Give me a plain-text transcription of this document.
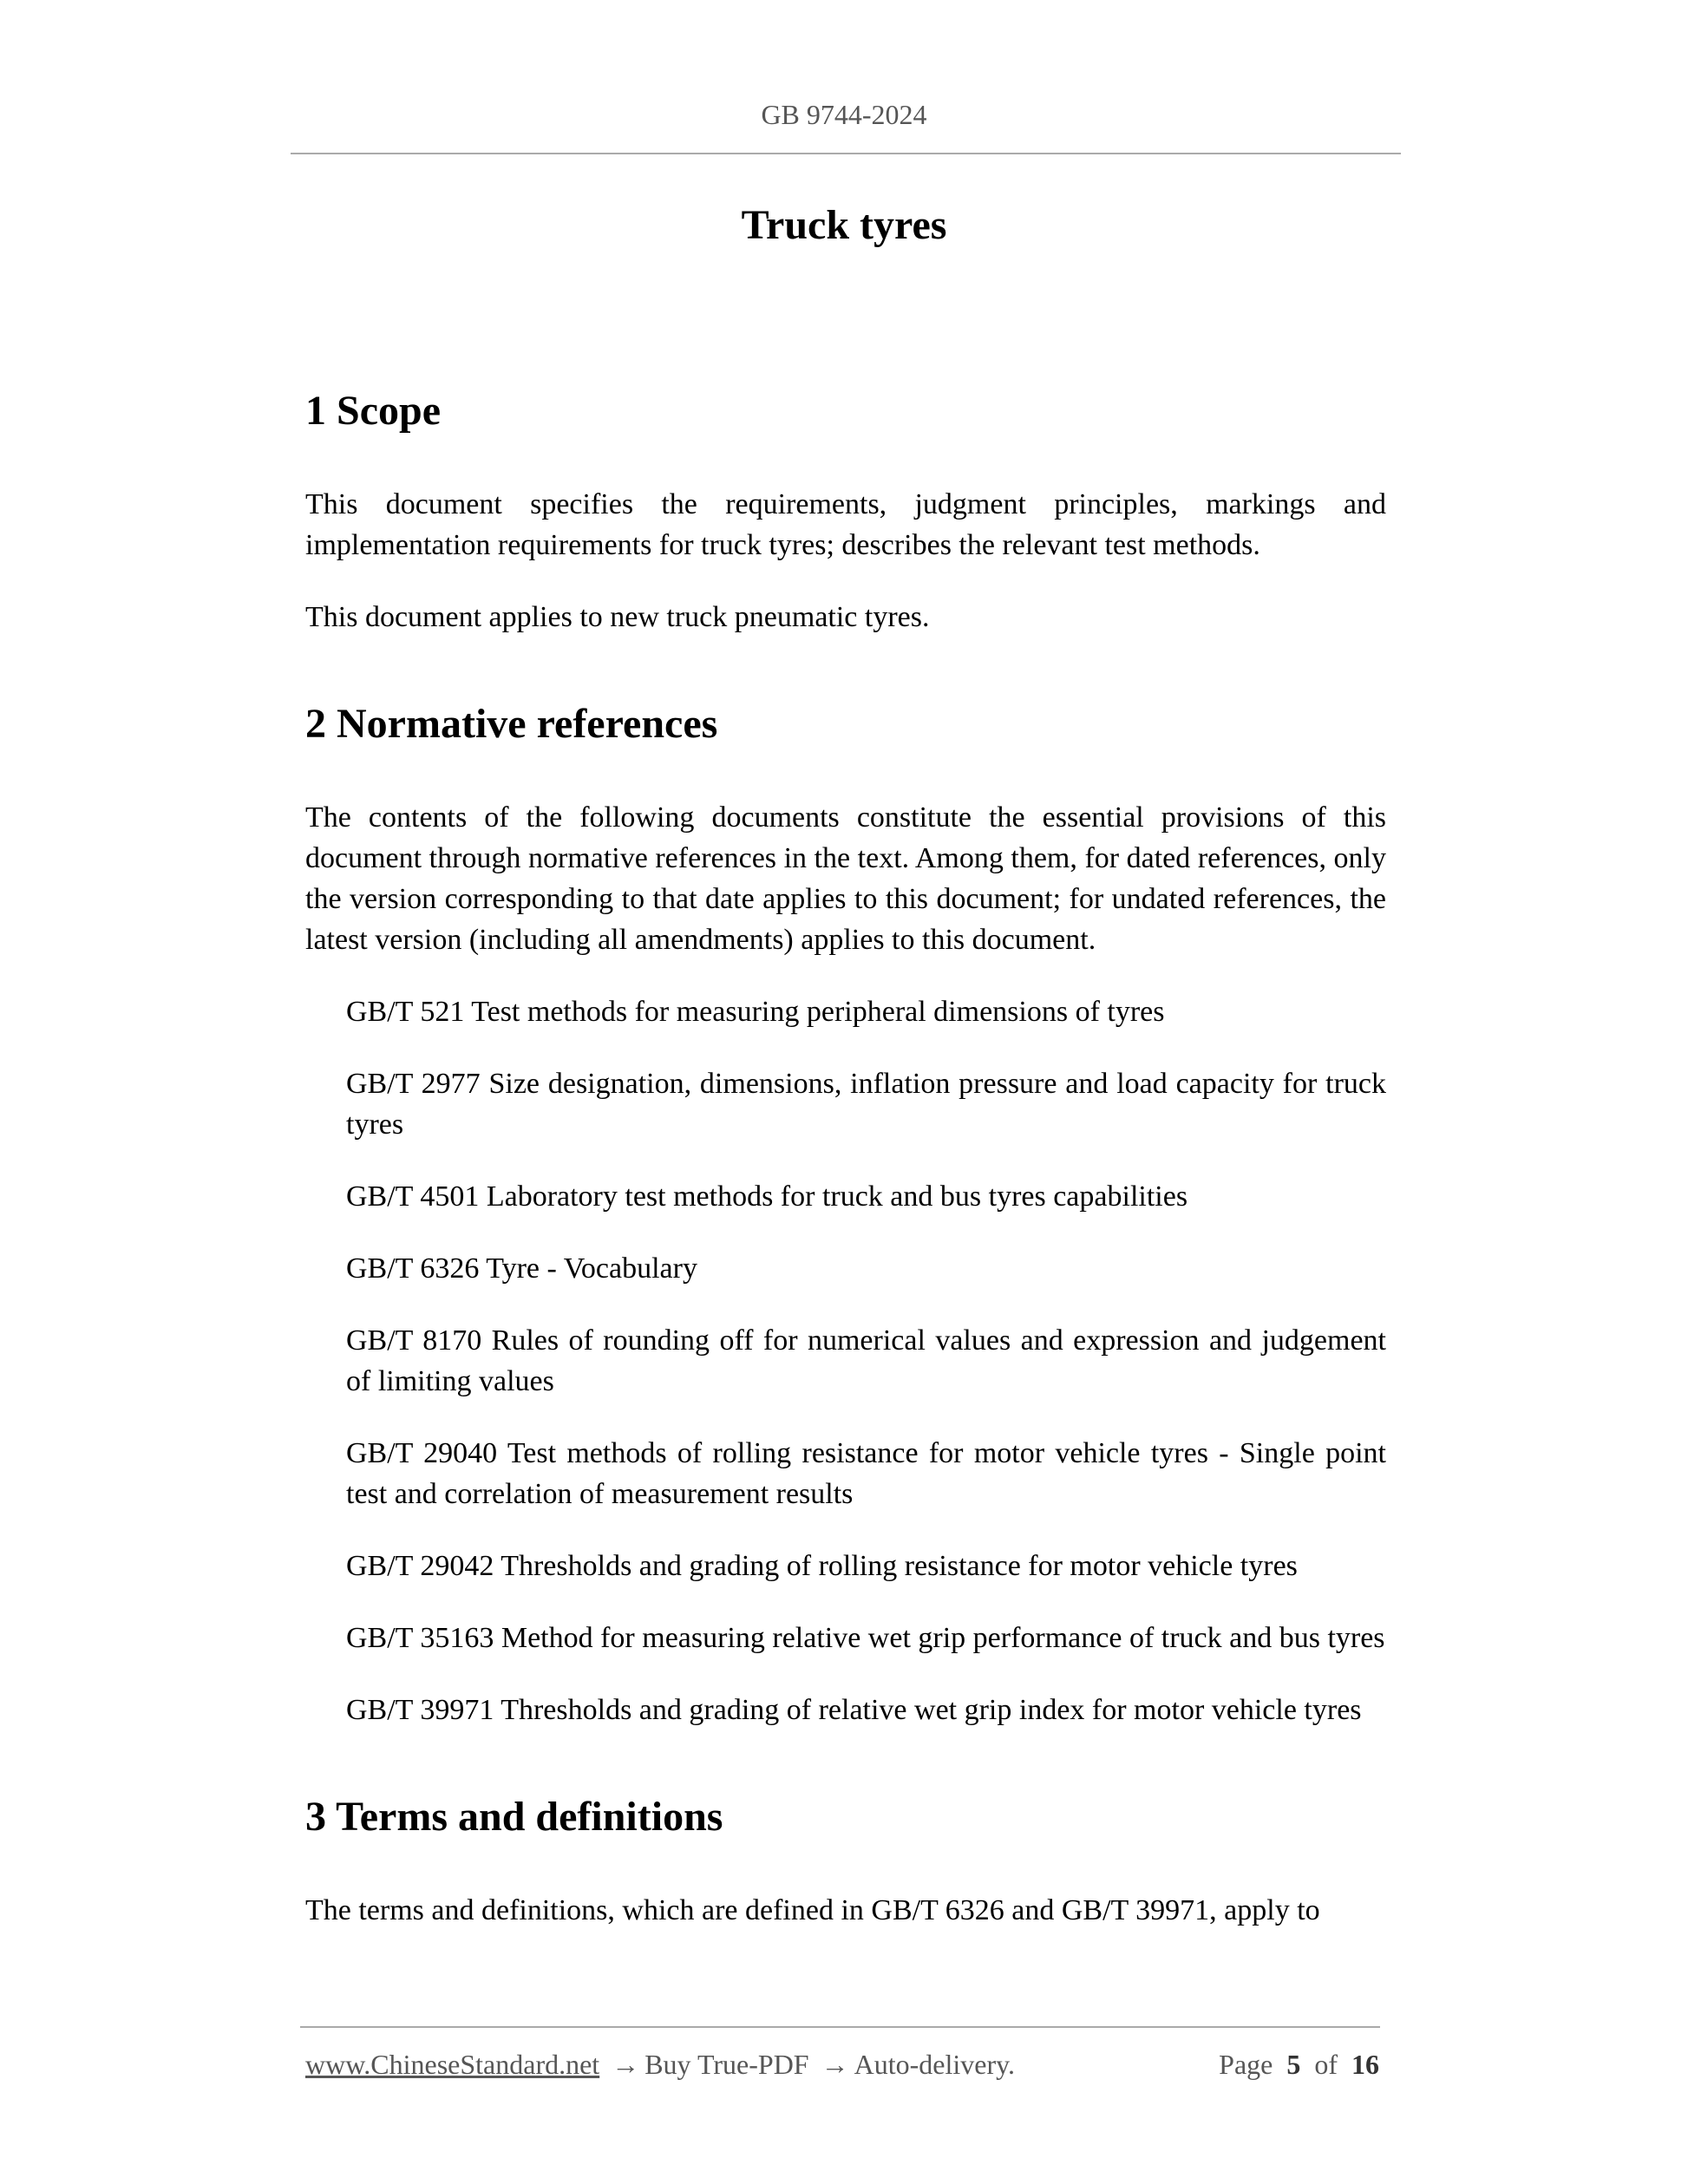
GB 9744-2024
Truck tyres
1 Scope

This document specifies the requirements, judgment principles, markings and implementation requirements for truck tyres; describes the relevant test methods.

This document applies to new truck pneumatic tyres.

2 Normative references

The contents of the following documents constitute the essential provisions of this document through normative references in the text. Among them, for dated references, only the version corresponding to that date applies to this document; for undated references, the latest version (including all amendments) applies to this document.

GB/T 521 Test methods for measuring peripheral dimensions of tyres
GB/T 2977 Size designation, dimensions, inflation pressure and load capacity for truck tyres
GB/T 4501 Laboratory test methods for truck and bus tyres capabilities
GB/T 6326 Tyre - Vocabulary
GB/T 8170 Rules of rounding off for numerical values and expression and judgement of limiting values
GB/T 29040 Test methods of rolling resistance for motor vehicle tyres - Single point test and correlation of measurement results
GB/T 29042 Thresholds and grading of rolling resistance for motor vehicle tyres
GB/T 35163 Method for measuring relative wet grip performance of truck and bus tyres
GB/T 39971 Thresholds and grading of relative wet grip index for motor vehicle tyres
3 Terms and definitions

The terms and definitions, which are defined in GB/T 6326 and GB/T 39971, apply to

www.ChineseStandard.net → Buy True-PDF → Auto-delivery.	Page 5 of 16
